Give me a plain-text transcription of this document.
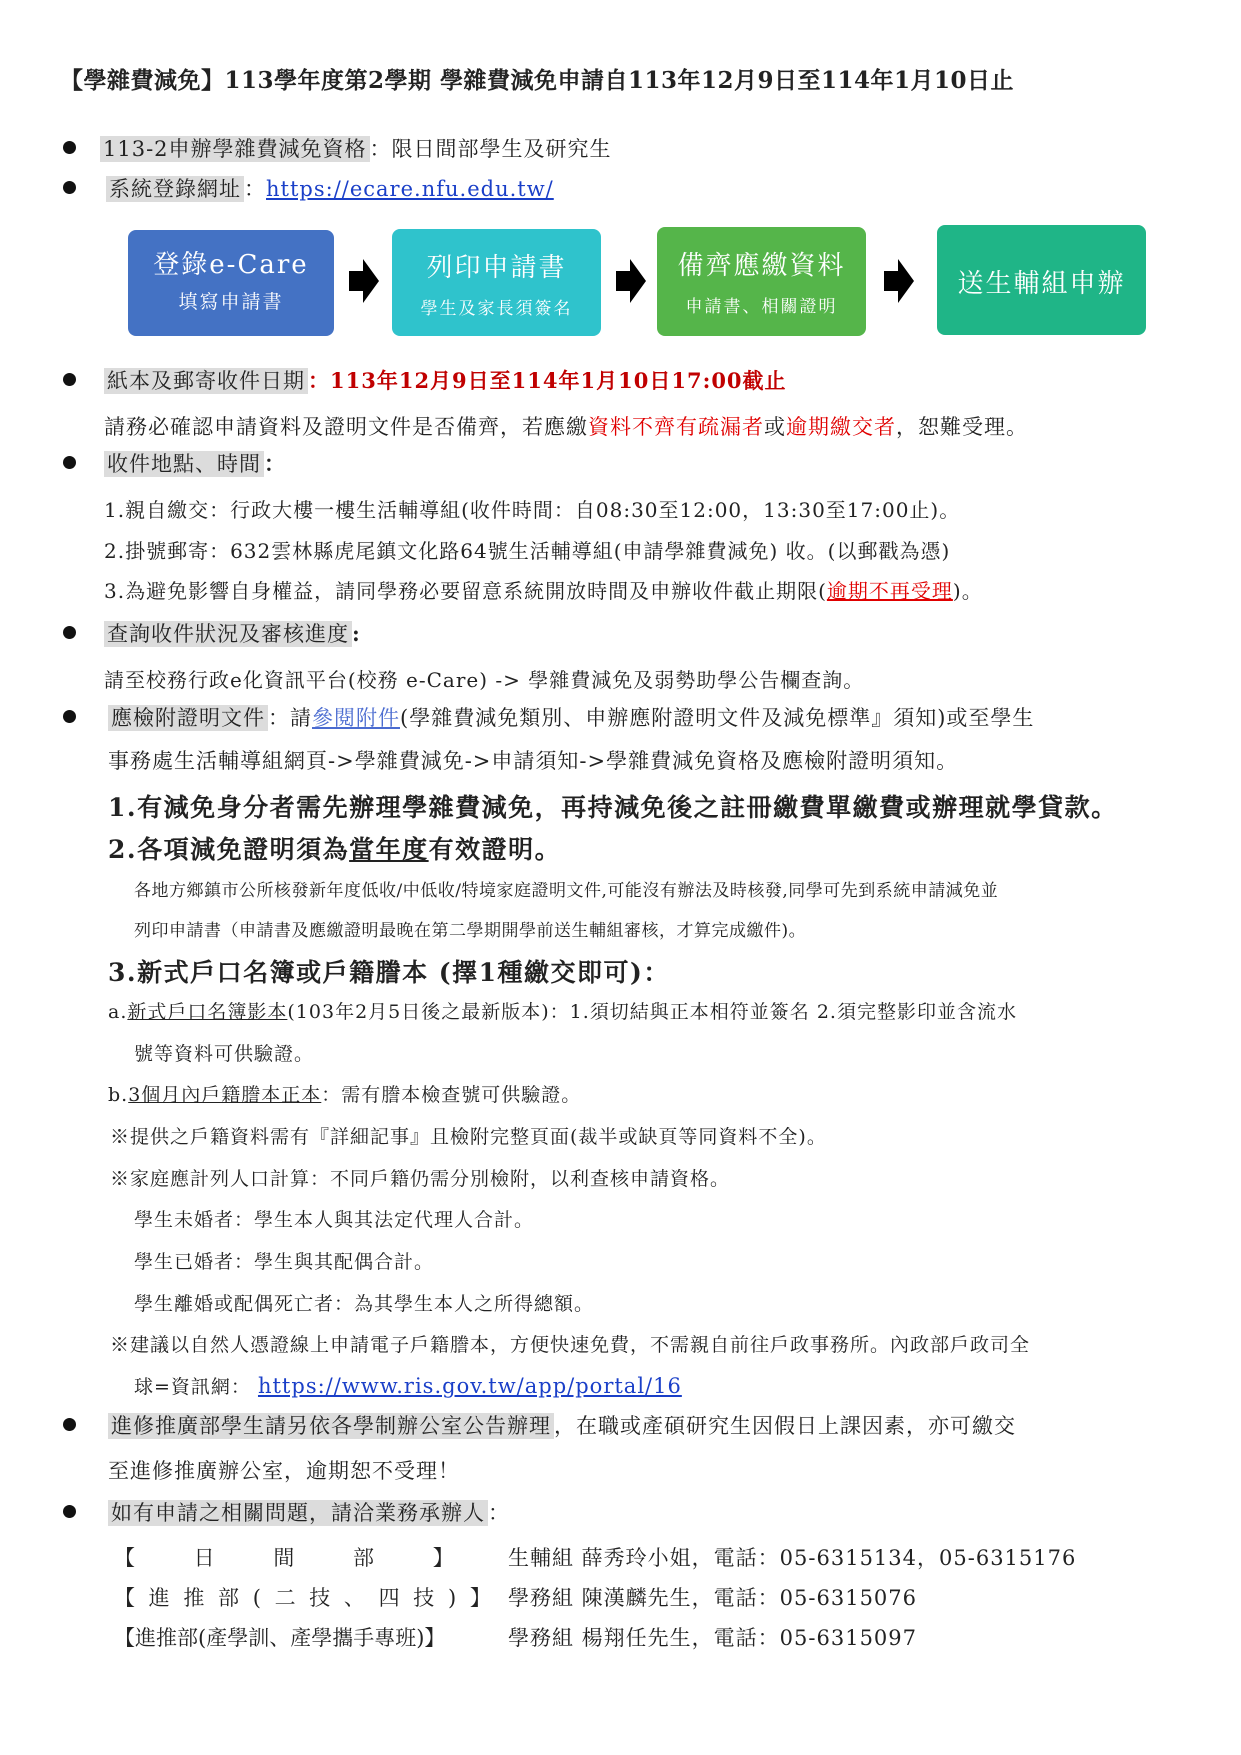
【學雜費減免】113學年度第2學期 學雜費減免申請自113年12月9日至114年1月10日止
113-2申辦學雜費減免資格 ：限日間部學生及研究生
系統登錄網址 ：https://ecare.nfu.edu.tw/
登錄e-Care
填寫申請書
列印申請書
學生及家長須簽名
備齊應繳資料
申請書、相關證明
送生輔組申辦
紙本及郵寄收件日期 ：113年12月9日至114年1月10日17:00截止
請務必確認申請資料及證明文件是否備齊，若應繳資料不齊有疏漏者或逾期繳交者，恕難受理。
收件地點、時間 ：
1.親自繳交：行政大樓一樓生活輔導組(收件時間：自08:30至12:00，13:30至17:00止)。
2.掛號郵寄：632雲林縣虎尾鎮文化路64號生活輔導組(申請學雜費減免) 收。(以郵戳為憑)
3.為避免影響自身權益，請同學務必要留意系統開放時間及申辦收件截止期限(逾期不再受理)。
查詢收件狀況及審核進度 :
請至校務行政e化資訊平台(校務 e-Care) -> 學雜費減免及弱勢助學公告欄查詢。
應檢附證明文件 ：請參閱附件(學雜費減免類別、申辦應附證明文件及減免標準』須知)或至學生
事務處生活輔導組網頁->學雜費減免->申請須知->學雜費減免資格及應檢附證明須知。
1.有減免身分者需先辦理學雜費減免，再持減免後之註冊繳費單繳費或辦理就學貸款。
2.各項減免證明須為當年度有效證明。
各地方鄉鎮市公所核發新年度低收/中低收/特境家庭證明文件,可能沒有辦法及時核發,同學可先到系統申請減免並
列印申請書（申請書及應繳證明最晚在第二學期開學前送生輔組審核，才算完成繳件)。
3.新式戶口名簿或戶籍謄本 (擇1種繳交即可)：
a.新式戶口名簿影本(103年2月5日後之最新版本)：1.須切結與正本相符並簽名 2.須完整影印並含流水
號等資料可供驗證。
b.3個月內戶籍謄本正本：需有謄本檢查號可供驗證。
※提供之戶籍資料需有『詳細記事』且檢附完整頁面(裁半或缺頁等同資料不全)。
※家庭應計列人口計算：不同戶籍仍需分別檢附，以利查核申請資格。
學生未婚者：學生本人與其法定代理人合計。
學生已婚者：學生與其配偶合計。
學生離婚或配偶死亡者：為其學生本人之所得總額。
※建議以自然人憑證線上申請電子戶籍謄本，方便快速免費，不需親自前往戶政事務所。內政部戶政司全
球=資訊網： https://www.ris.gov.tw/app/portal/16
進修推廣部學生請另依各學制辦公室公告辦理 ，在職或產碩研究生因假日上課因素，亦可繳交
至進修推廣辦公室，逾期恕不受理！
如有申請之相關問題，請洽業務承辦人 ：
【 日 間 部 】	生輔組 薛秀玲小姐，電話：05-6315134，05-6315176
【 進 推 部 ( 二 技 、 四 技 ) 】 學務組 陳漢麟先生，電話：05-6315076
【進推部(產學訓、產學攜手專班)】	學務組 楊翔任先生，電話：05-6315097
